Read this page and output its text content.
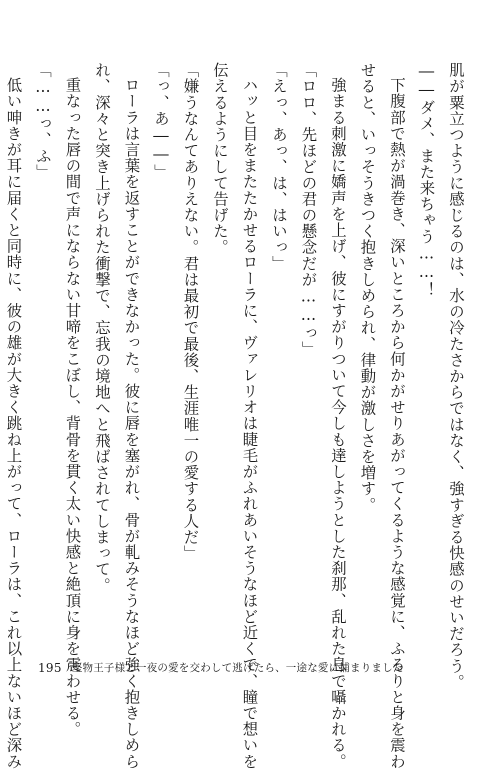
肌が粟立つように感じるのは、水の冷たさからではなく、強すぎる快感のせいだろう。

――ダメ、また来ちゃう……！

下腹部で熱が渦巻き、深いところから何かがせりあがってくるような感覚に、ふるりと身を震わ

せると、いっそうきつく抱きしめられ、律動が激しさを増す。

強まる刺激に嬌声を上げ、彼にすがりついて今しも達しようとした刹那、乱れた息で囁かれる。

「ロロ、先ほどの君の懸念だが……っ」

「えっ、あっ、は、はいっ」

ハッと目をまたたかせるローラに、ヴァレリオは睫毛がふれあいそうなほど近くで、瞳で想いを

伝えるようにして告げた。

「嫌うなんてありえない。君は最初で最後、生涯唯一の愛する人だ」

「っ、あ――」

ローラは言葉を返すことができなかった。彼に唇を塞がれ、骨が軋みそうなほど強く抱きしめら

れ、深々と突き上げられた衝撃で、忘我の境地へと飛ばされてしまって。

重なった唇の間で声にならない甘啼をこぼし、背骨を貫く太い快感と絶頂に身を震わせる。

「……っ、ふ」

低い呻きが耳に届くと同時に、彼の雄が大きく跳ね上がって、ローラは、これ以上ないほど深み	195 堅物王子様と一夜の愛を交わして逃げたら、一途な愛に捕まりました
